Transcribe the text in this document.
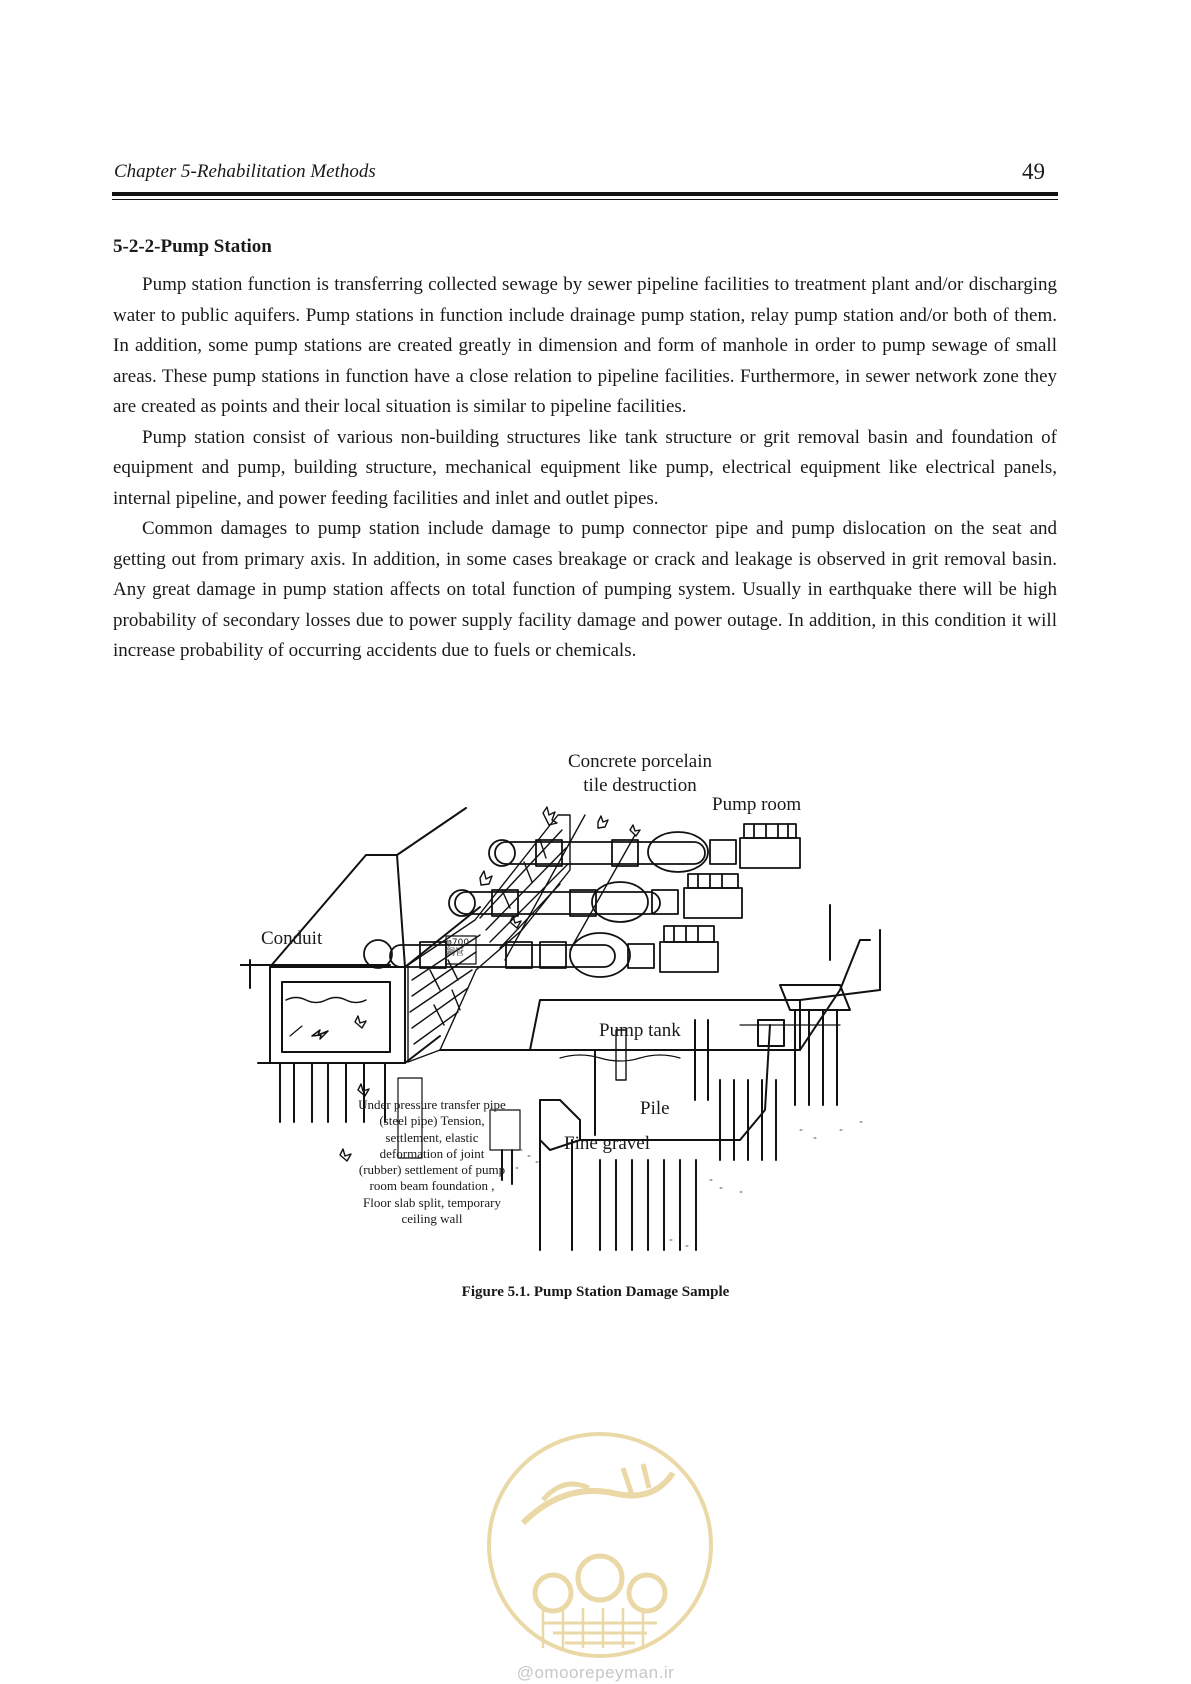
Chapter 5-Rehabilitation Methods	49
5-2-2-Pump Station

Pump station function is transferring collected sewage by sewer pipeline facilities to treatment plant and/or discharging water to public aquifers. Pump stations in function include drainage pump station, relay pump station and/or both of them. In addition, some pump stations are created greatly in dimension and form of manhole in order to pump sewage of small areas. These pump stations in function have a close relation to pipeline facilities. Furthermore, in sewer network zone they are created as points and their local situation is similar to pipeline facilities.

Pump station consist of various non-building structures like tank structure or grit removal basin and foundation of equipment and pump, building structure, mechanical equipment like pump, electrical equipment like electrical panels, internal pipeline, and power feeding facilities and inlet and outlet pipes.

Common damages to pump station include damage to pump connector pipe and pump dislocation on the seat and getting out from primary axis. In addition, in some cases breakage or crack and leakage is observed in grit removal basin. Any great damage in pump station affects on total function of pumping system. Usually in earthquake there will be high probability of secondary losses due to power supply facility damage and power outage. In addition, in this condition it will increase probability of occurring accidents due to fuels or chemicals.

Concrete porcelain tile destruction
Pump room
Conduit
Pump tank
Pile
Fine gravel
Under pressure transfer pipe (steel pipe) Tension, settlement, elastic deformation of joint (rubber) settlement of pump room beam foundation , Floor slab split, temporary ceiling wall
φ700 鋼管
Figure 5.1. Pump Station Damage Sample
@omoorepeyman.ir
